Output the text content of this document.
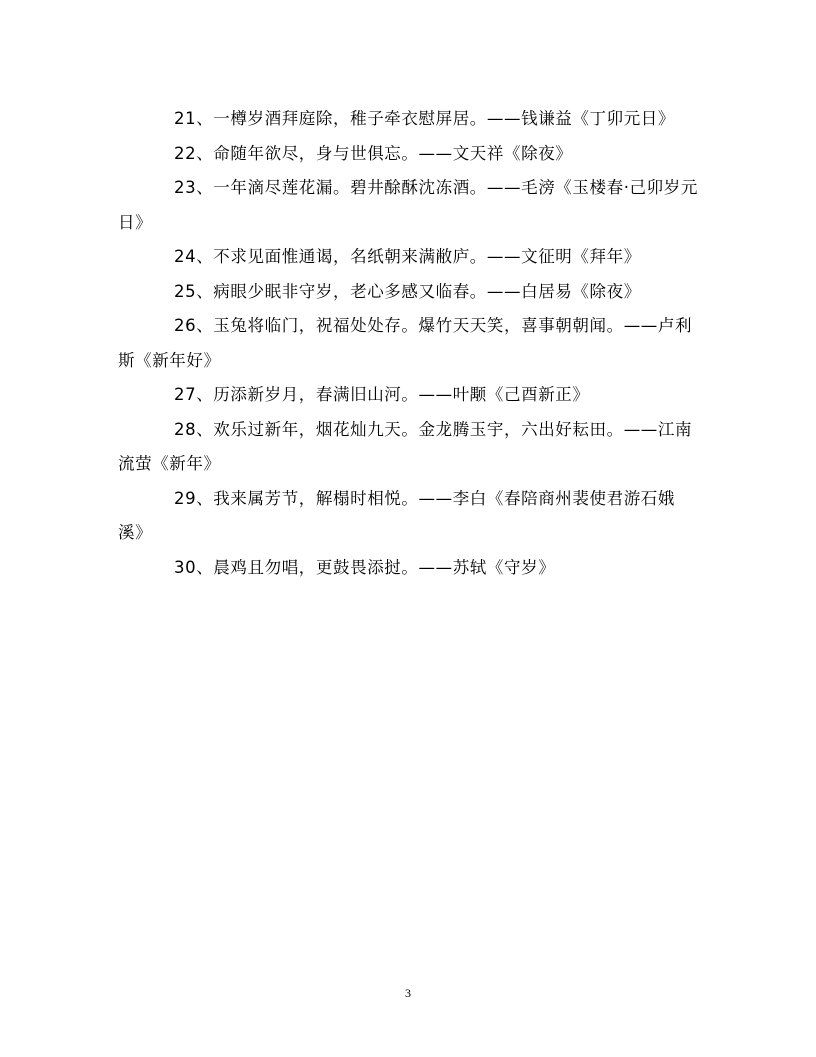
21、一樽岁酒拜庭除，稚子牵衣慰屏居。——钱谦益《丁卯元日》

22、命随年欲尽，身与世俱忘。——文天祥《除夜》

23、一年滴尽莲花漏。碧井酴酥沈冻酒。——毛滂《玉楼春·己卯岁元日》

24、不求见面惟通谒，名纸朝来满敝庐。——文征明《拜年》

25、病眼少眠非守岁，老心多感又临春。——白居易《除夜》

26、玉兔将临门，祝福处处存。爆竹天天笑，喜事朝朝闻。——卢利斯《新年好》

27、历添新岁月，春满旧山河。——叶颙《己酉新正》

28、欢乐过新年，烟花灿九天。金龙腾玉宇，六出好耘田。——江南流萤《新年》

29、我来属芳节，解榻时相悦。——李白《春陪商州裴使君游石娥溪》

30、晨鸡且勿唱，更鼓畏添挝。——苏轼《守岁》

3
